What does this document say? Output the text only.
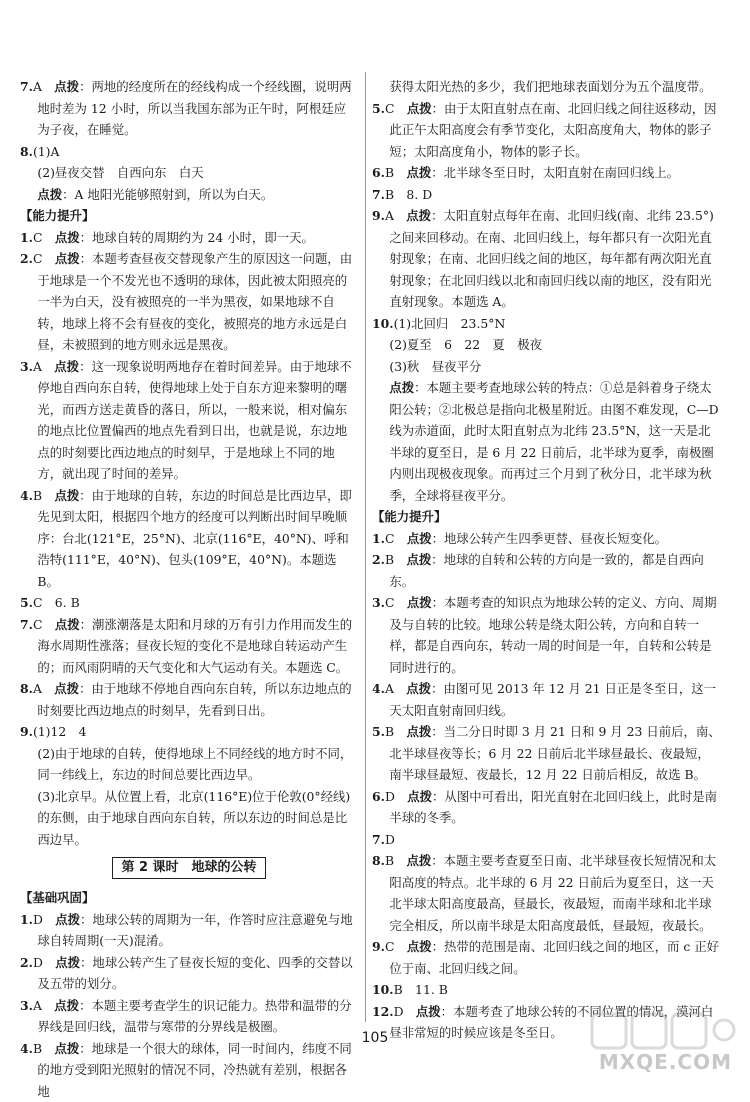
7.A  点拨：两地的经度所在的经线构成一个经线圈，说明两地时差为 12 小时，所以当我国东部为正午时，阿根廷应为子夜，在睡觉。

8.(1)A

(2)昼夜交替　自西向东　白天

点拨：A 地阳光能够照射到，所以为白天。

【能力提升】

1.C  点拨：地球自转的周期约为 24 小时，即一天。

2.C  点拨：本题考查昼夜交替现象产生的原因这一问题，由于地球是一个不发光也不透明的球体，因此被太阳照亮的一半为白天，没有被照亮的一半为黑夜，如果地球不自转，地球上将不会有昼夜的变化，被照亮的地方永远是白昼，未被照到的地方则永远是黑夜。

3.A  点拨：这一现象说明两地存在着时间差异。由于地球不停地自西向东自转，使得地球上处于自东方迎来黎明的曙光，而西方送走黄昏的落日，所以，一般来说，相对偏东的地点比位置偏西的地点先看到日出，也就是说，东边地点的时刻要比西边地点的时刻早，于是地球上不同的地方，就出现了时间的差异。

4.B  点拨：由于地球的自转，东边的时间总是比西边早，即先见到太阳，根据四个地方的经度可以判断出时间早晚顺序：台北(121°E，25°N)、北京(116°E，40°N)、呼和浩特(111°E，40°N)、包头(109°E，40°N)。本题选 B。

5.C　6. B

7.C  点拨：潮涨潮落是太阳和月球的万有引力作用而发生的海水周期性涨落；昼夜长短的变化不是地球自转运动产生的；而风雨阴晴的天气变化和大气运动有关。本题选 C。

8.A  点拨：由于地球不停地自西向东自转，所以东边地点的时刻要比西边地点的时刻早，先看到日出。

9.(1)12　4

(2)由于地球的自转，使得地球上不同经线的地方时不同，同一纬线上，东边的时间总要比西边早。

(3)北京早。从位置上看，北京(116°E)位于伦敦(0°经线)的东侧，由于地球自西向东自转，所以东边的时间总是比西边早。

第 2 课时　地球的公转

【基础巩固】

1.D  点拨：地球公转的周期为一年，作答时应注意避免与地球自转周期(一天)混淆。

2.D  点拨：地球公转产生了昼夜长短的变化、四季的交替以及五带的划分。

3.A  点拨：本题主要考查学生的识记能力。热带和温带的分界线是回归线，温带与寒带的分界线是极圈。

4.B  点拨：地球是一个很大的球体，同一时间内，纬度不同的地方受到阳光照射的情况不同，冷热就有差别，根据各地

获得太阳光热的多少，我们把地球表面划分为五个温度带。

5.C  点拨：由于太阳直射点在南、北回归线之间往返移动，因此正午太阳高度会有季节变化，太阳高度角大，物体的影子短；太阳高度角小，物体的影子长。

6.B  点拨：北半球冬至日时，太阳直射在南回归线上。

7.B　8. D

9.A  点拨：太阳直射点每年在南、北回归线(南、北纬 23.5°)之间来回移动。在南、北回归线上，每年都只有一次阳光直射现象；在南、北回归线之间的地区，每年都有两次阳光直射现象；在北回归线以北和南回归线以南的地区，没有阳光直射现象。本题选 A。

10.(1)北回归　23.5°N

(2)夏至　6　22　夏　极夜

(3)秋　昼夜平分

点拨：本题主要考查地球公转的特点：①总是斜着身子绕太阳公转；②北极总是指向北极星附近。由图不难发现，C—D 线为赤道面，此时太阳直射点为北纬 23.5°N，这一天是北半球的夏至日，是 6 月 22 日前后，北半球为夏季，南极圈内则出现极夜现象。而再过三个月到了秋分日，北半球为秋季，全球将昼夜平分。

【能力提升】

1.C  点拨：地球公转产生四季更替、昼夜长短变化。

2.B  点拨：地球的自转和公转的方向是一致的，都是自西向东。

3.C  点拨：本题考查的知识点为地球公转的定义、方向、周期及与自转的比较。地球公转是绕太阳公转，方向和自转一样，都是自西向东，转动一周的时间是一年，自转和公转是同时进行的。

4.A  点拨：由图可见 2013 年 12 月 21 日正是冬至日，这一天太阳直射南回归线。

5.B  点拨：当二分日时即 3 月 21 日和 9 月 23 日前后，南、北半球昼夜等长；6 月 22 日前后北半球昼最长、夜最短，南半球昼最短、夜最长，12 月 22 日前后相反，故选 B。

6.D  点拨：从图中可看出，阳光直射在北回归线上，此时是南半球的冬季。

7.D

8.B  点拨：本题主要考查夏至日南、北半球昼夜长短情况和太阳高度的特点。北半球的 6 月 22 日前后为夏至日，这一天北半球太阳高度最高，昼最长，夜最短，而南半球和北半球完全相反，所以南半球是太阳高度最低，昼最短，夜最长。

9.C  点拨：热带的范围是南、北回归线之间的地区，而 c 正好位于南、北回归线之间。

10.B　11. B

12.D  点拨：本题考查了地球公转的不同位置的情况，漠河白昼非常短的时候应该是冬至日。

105
MXQE.COM
